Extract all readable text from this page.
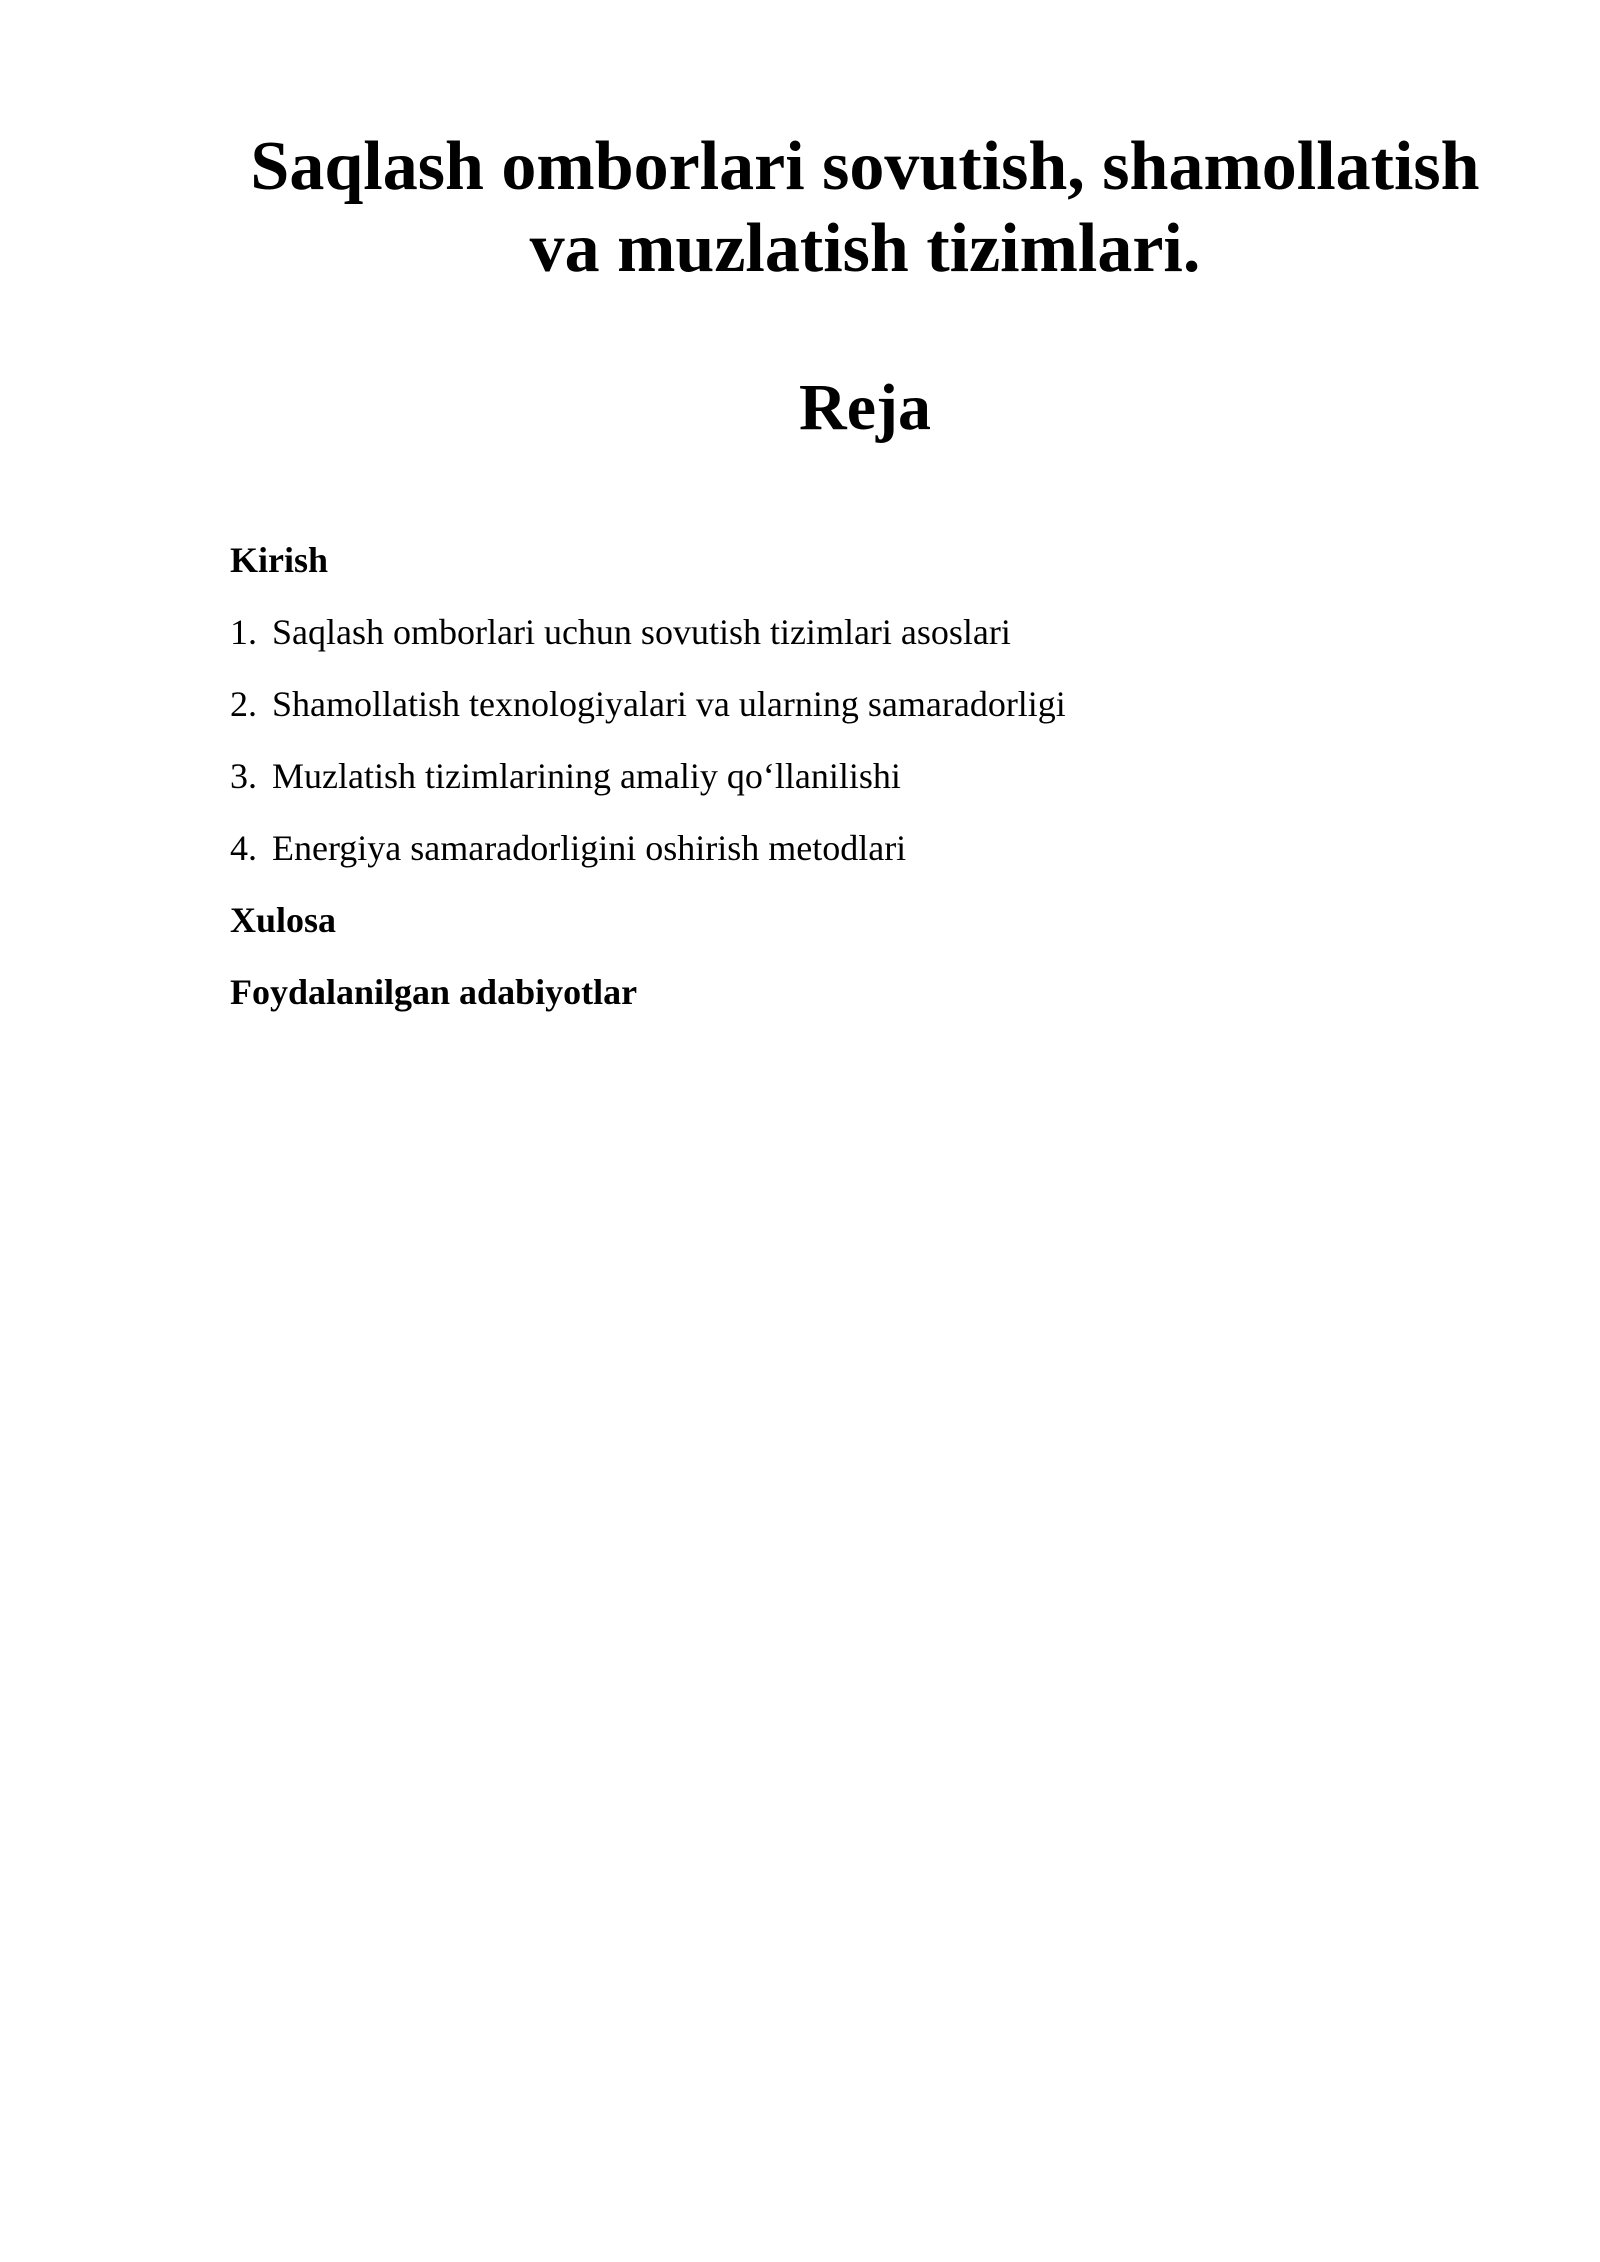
Saqlash omborlari sovutish, shamollatish
va muzlatish tizimlari.
Reja
Kirish
1. Saqlash omborlari uchun sovutish tizimlari asoslari
2. Shamollatish texnologiyalari va ularning samaradorligi
3. Muzlatish tizimlarining amaliy qo‘llanilishi
4. Energiya samaradorligini oshirish metodlari
Xulosa
Foydalanilgan adabiyotlar
